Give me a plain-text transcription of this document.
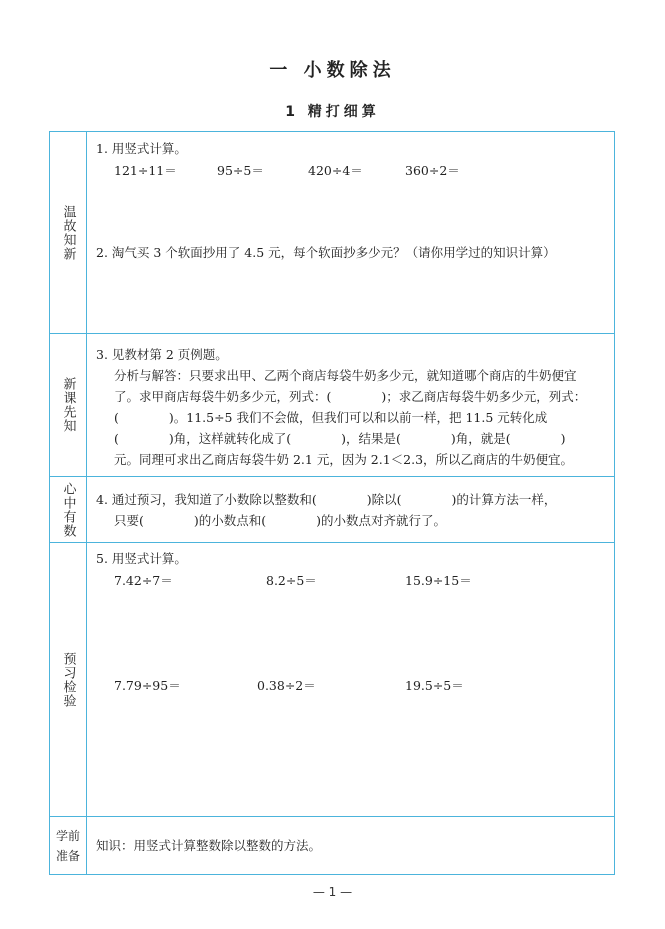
一 小数除法
1 精打细算
温故知新
1. 用竖式计算。
121÷11＝	95÷5＝	420÷4＝	360÷2＝
2. 淘气买 3 个软面抄用了 4.5 元，每个软面抄多少元？（请你用学过的知识计算）
新课先知
3. 见教材第 2 页例题。
分析与解答：只要求出甲、乙两个商店每袋牛奶多少元，就知道哪个商店的牛奶便宜
了。求甲商店每袋牛奶多少元，列式：(　　　　)；求乙商店每袋牛奶多少元，列式：
(　　　　)。11.5÷5 我们不会做，但我们可以和以前一样，把 11.5 元转化成
(　　　　)角，这样就转化成了(　　　　)，结果是(　　　　)角，就是(　　　　)
元。同理可求出乙商店每袋牛奶 2.1 元，因为 2.1＜2.3，所以乙商店的牛奶便宜。
心中有数 4. 通过预习，我知道了小数除以整数和(　　　　)除以(　　　　)的计算方法一样，
只要(　　　　)的小数点和(　　　　)的小数点对齐就行了。
预习检验
5. 用竖式计算。
7.42÷7＝	8.2÷5＝	15.9÷15＝
7.79÷95＝	0.38÷2＝	19.5÷5＝
学前
准备
知识：用竖式计算整数除以整数的方法。
— 1 —
